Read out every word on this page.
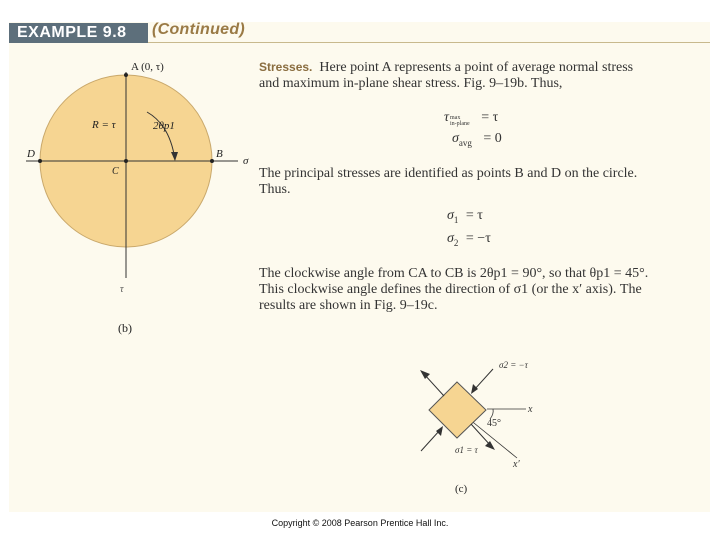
EXAMPLE 9.8	(Continued)
A (0, τ)
R = τ	2θp1
D	B
C
σ
τ
(b)
σ2 = −τ
x
45°
σ1 = τ
x′
(c)
Stresses. Here point A represents a point of average normal stress
and maximum in-plane shear stress. Fig. 9–19b. Thus,
τmax
in-plane = τ
$\sigma_{avg} = 0$
The principal stresses are identified as points B and D on the circle.
Thus.
$\sigma_1 = \tau$
$\sigma_2 = -\tau$
The clockwise angle from CA to CB is 2θp1 = 90°, so that θp1 = 45°.
This clockwise angle defines the direction of σ1 (or the x′ axis). The
results are shown in Fig. 9–19c.
Copyright © 2008 Pearson Prentice Hall Inc.
